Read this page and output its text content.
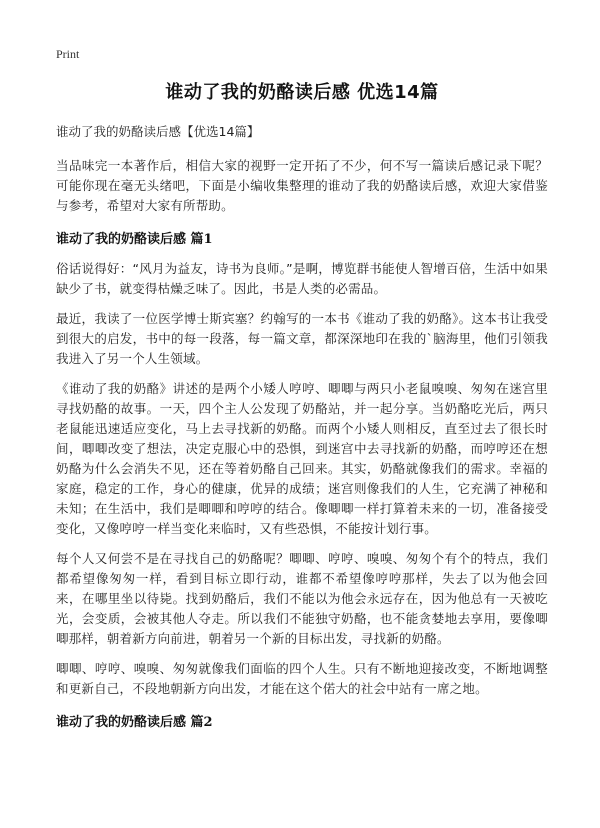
Print
谁动了我的奶酪读后感 优选14篇
谁动了我的奶酪读后感【优选14篇】

当品味完一本著作后，相信大家的视野一定开拓了不少，何不写一篇读后感记录下呢？可能你现在毫无头绪吧，下面是小编收集整理的谁动了我的奶酪读后感，欢迎大家借鉴与参考，希望对大家有所帮助。

谁动了我的奶酪读后感 篇1

俗话说得好：“风月为益友，诗书为良师。”是啊，博览群书能使人智增百倍，生活中如果缺少了书，就变得枯燥乏味了。因此，书是人类的必需品。

最近，我读了一位医学博士斯宾塞？约翰写的一本书《谁动了我的奶酪》。这本书让我受到很大的启发，书中的每一段落，每一篇文章，都深深地印在我的`脑海里，他们引领我我进入了另一个人生领域。

《谁动了我的奶酪》讲述的是两个小矮人哼哼、唧唧与两只小老鼠嗅嗅、匆匆在迷宫里寻找奶酪的故事。一天，四个主人公发现了奶酪站，并一起分享。当奶酪吃光后，两只老鼠能迅速适应变化，马上去寻找新的奶酪。而两个小矮人则相反，直至过去了很长时间，唧唧改变了想法，决定克服心中的恐惧，到迷宫中去寻找新的奶酪，而哼哼还在想奶酪为什么会消失不见，还在等着奶酪自己回来。其实，奶酪就像我们的需求。幸福的家庭，稳定的工作，身心的健康，优异的成绩；迷宫则像我们的人生，它充满了神秘和未知；在生活中，我们是唧唧和哼哼的结合。像唧唧一样打算着未来的一切，准备接受变化，又像哼哼一样当变化来临时，又有些恐惧，不能按计划行事。

每个人又何尝不是在寻找自己的奶酪呢？唧唧、哼哼、嗅嗅、匆匆个有个的特点，我们都希望像匆匆一样，看到目标立即行动，谁都不希望像哼哼那样，失去了以为他会回来，在哪里坐以待毙。找到奶酪后，我们不能以为他会永远存在，因为他总有一天被吃光，会变质，会被其他人夺走。所以我们不能独守奶酪，也不能贪婪地去享用，要像唧唧那样，朝着新方向前进，朝着另一个新的目标出发，寻找新的奶酪。

唧唧、哼哼、嗅嗅、匆匆就像我们面临的四个人生。只有不断地迎接改变，不断地调整和更新自己，不段地朝新方向出发，才能在这个偌大的社会中站有一席之地。

谁动了我的奶酪读后感 篇2
